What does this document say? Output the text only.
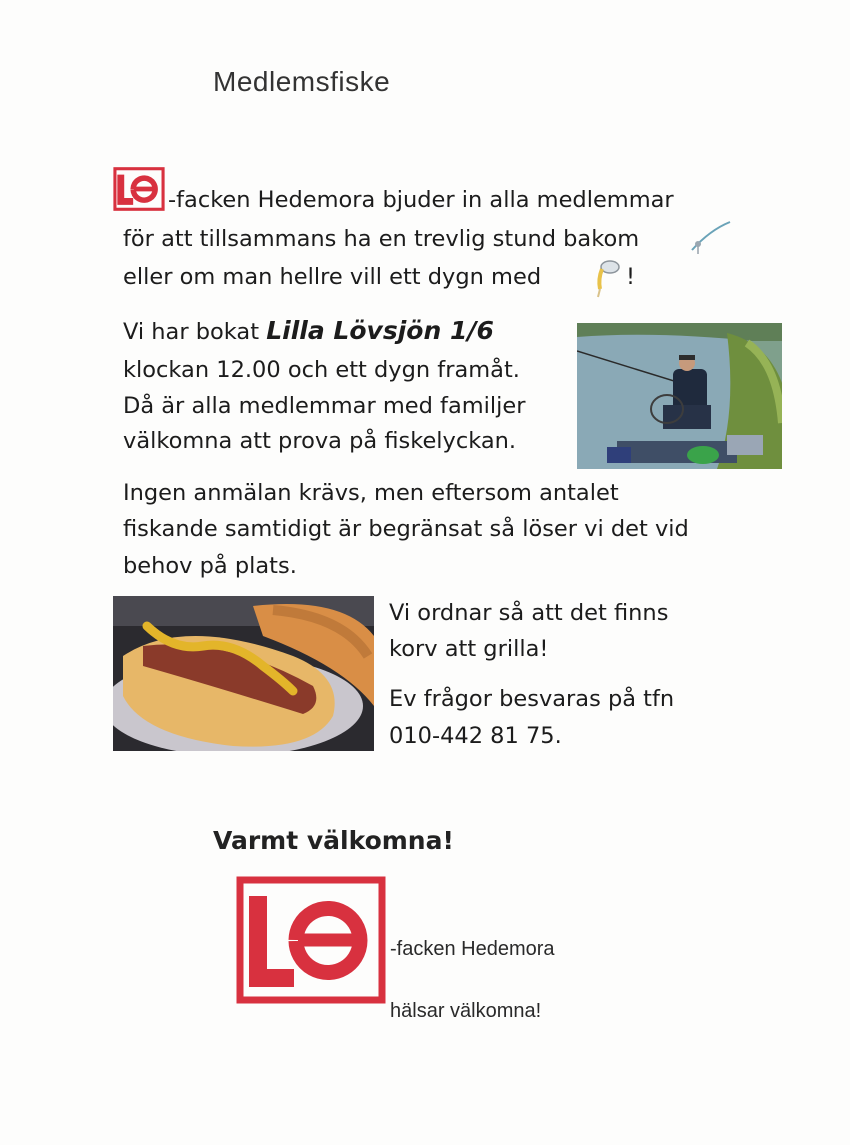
Medlemsfiske
-facken Hedemora bjuder in alla medlemmar
för att tillsammans ha en trevlig stund bakom
eller om man hellre vill ett dygn med	!
Vi har bokat Lilla Lövsjön 1/6
klockan 12.00 och ett dygn framåt.
Då är alla medlemmar med familjer
välkomna att prova på fiskelyckan.
Ingen anmälan krävs, men eftersom antalet
fiskande samtidigt är begränsat så löser vi det vid
behov på plats.
Vi ordnar så att det finns
korv att grilla!
Ev frågor besvaras på tfn
010-442 81 75.
Varmt välkomna!
-facken Hedemora
hälsar välkomna!
